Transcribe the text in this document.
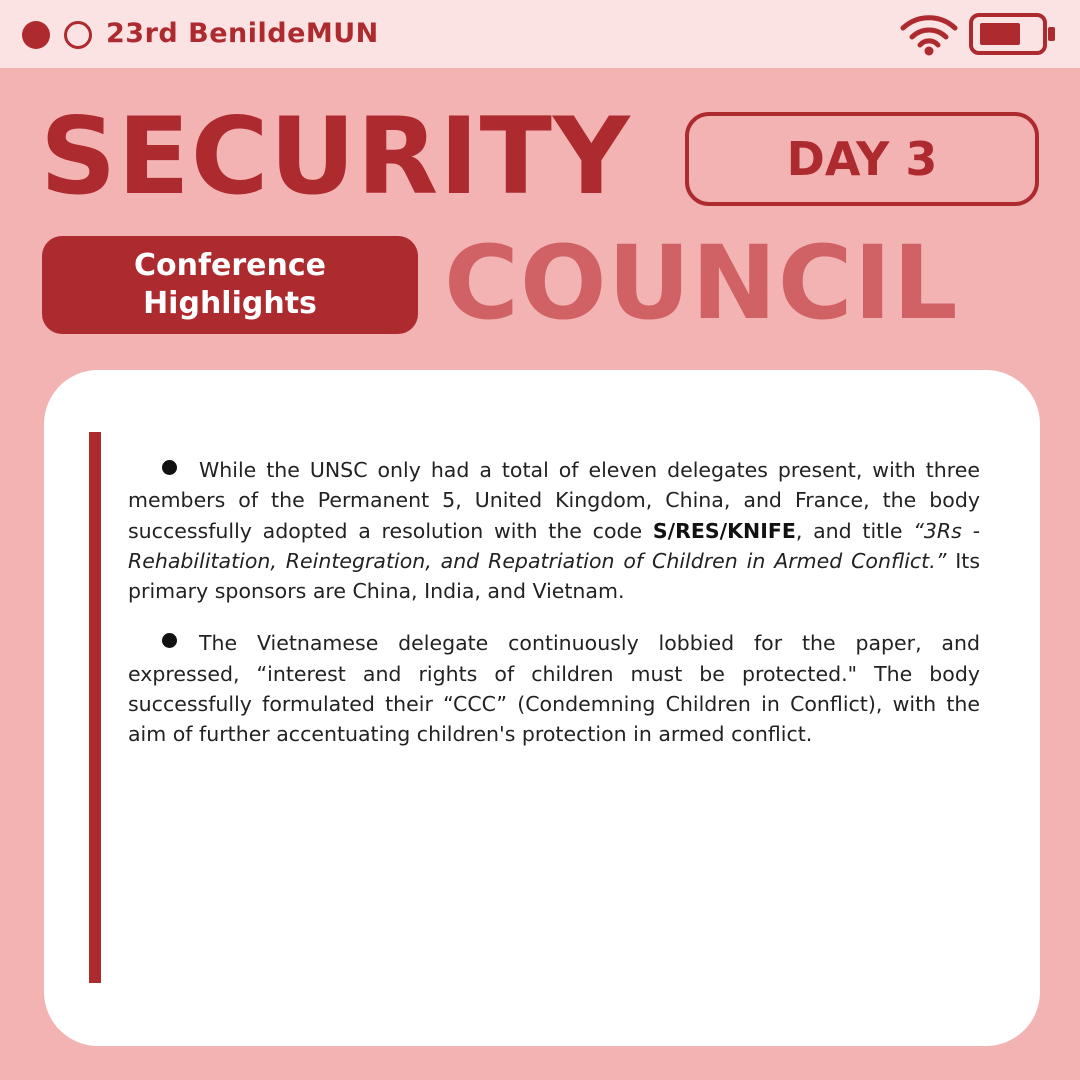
23rd BenildeMUN
SECURITY	DAY 3
Conference
Highlights COUNCIL

While the UNSC only had a total of eleven delegates present, with three members of the Permanent 5, United Kingdom, China, and France, the body successfully adopted a resolution with the code S/RES/KNIFE, and title “3Rs - Rehabilitation, Reintegration, and Repatriation of Children in Armed Conflict.” Its primary sponsors are China, India, and Vietnam.

The Vietnamese delegate continuously lobbied for the paper, and expressed, “interest and rights of children must be protected." The body successfully formulated their “CCC” (Condemning Children in Conflict), with the aim of further accentuating children's protection in armed conflict.
